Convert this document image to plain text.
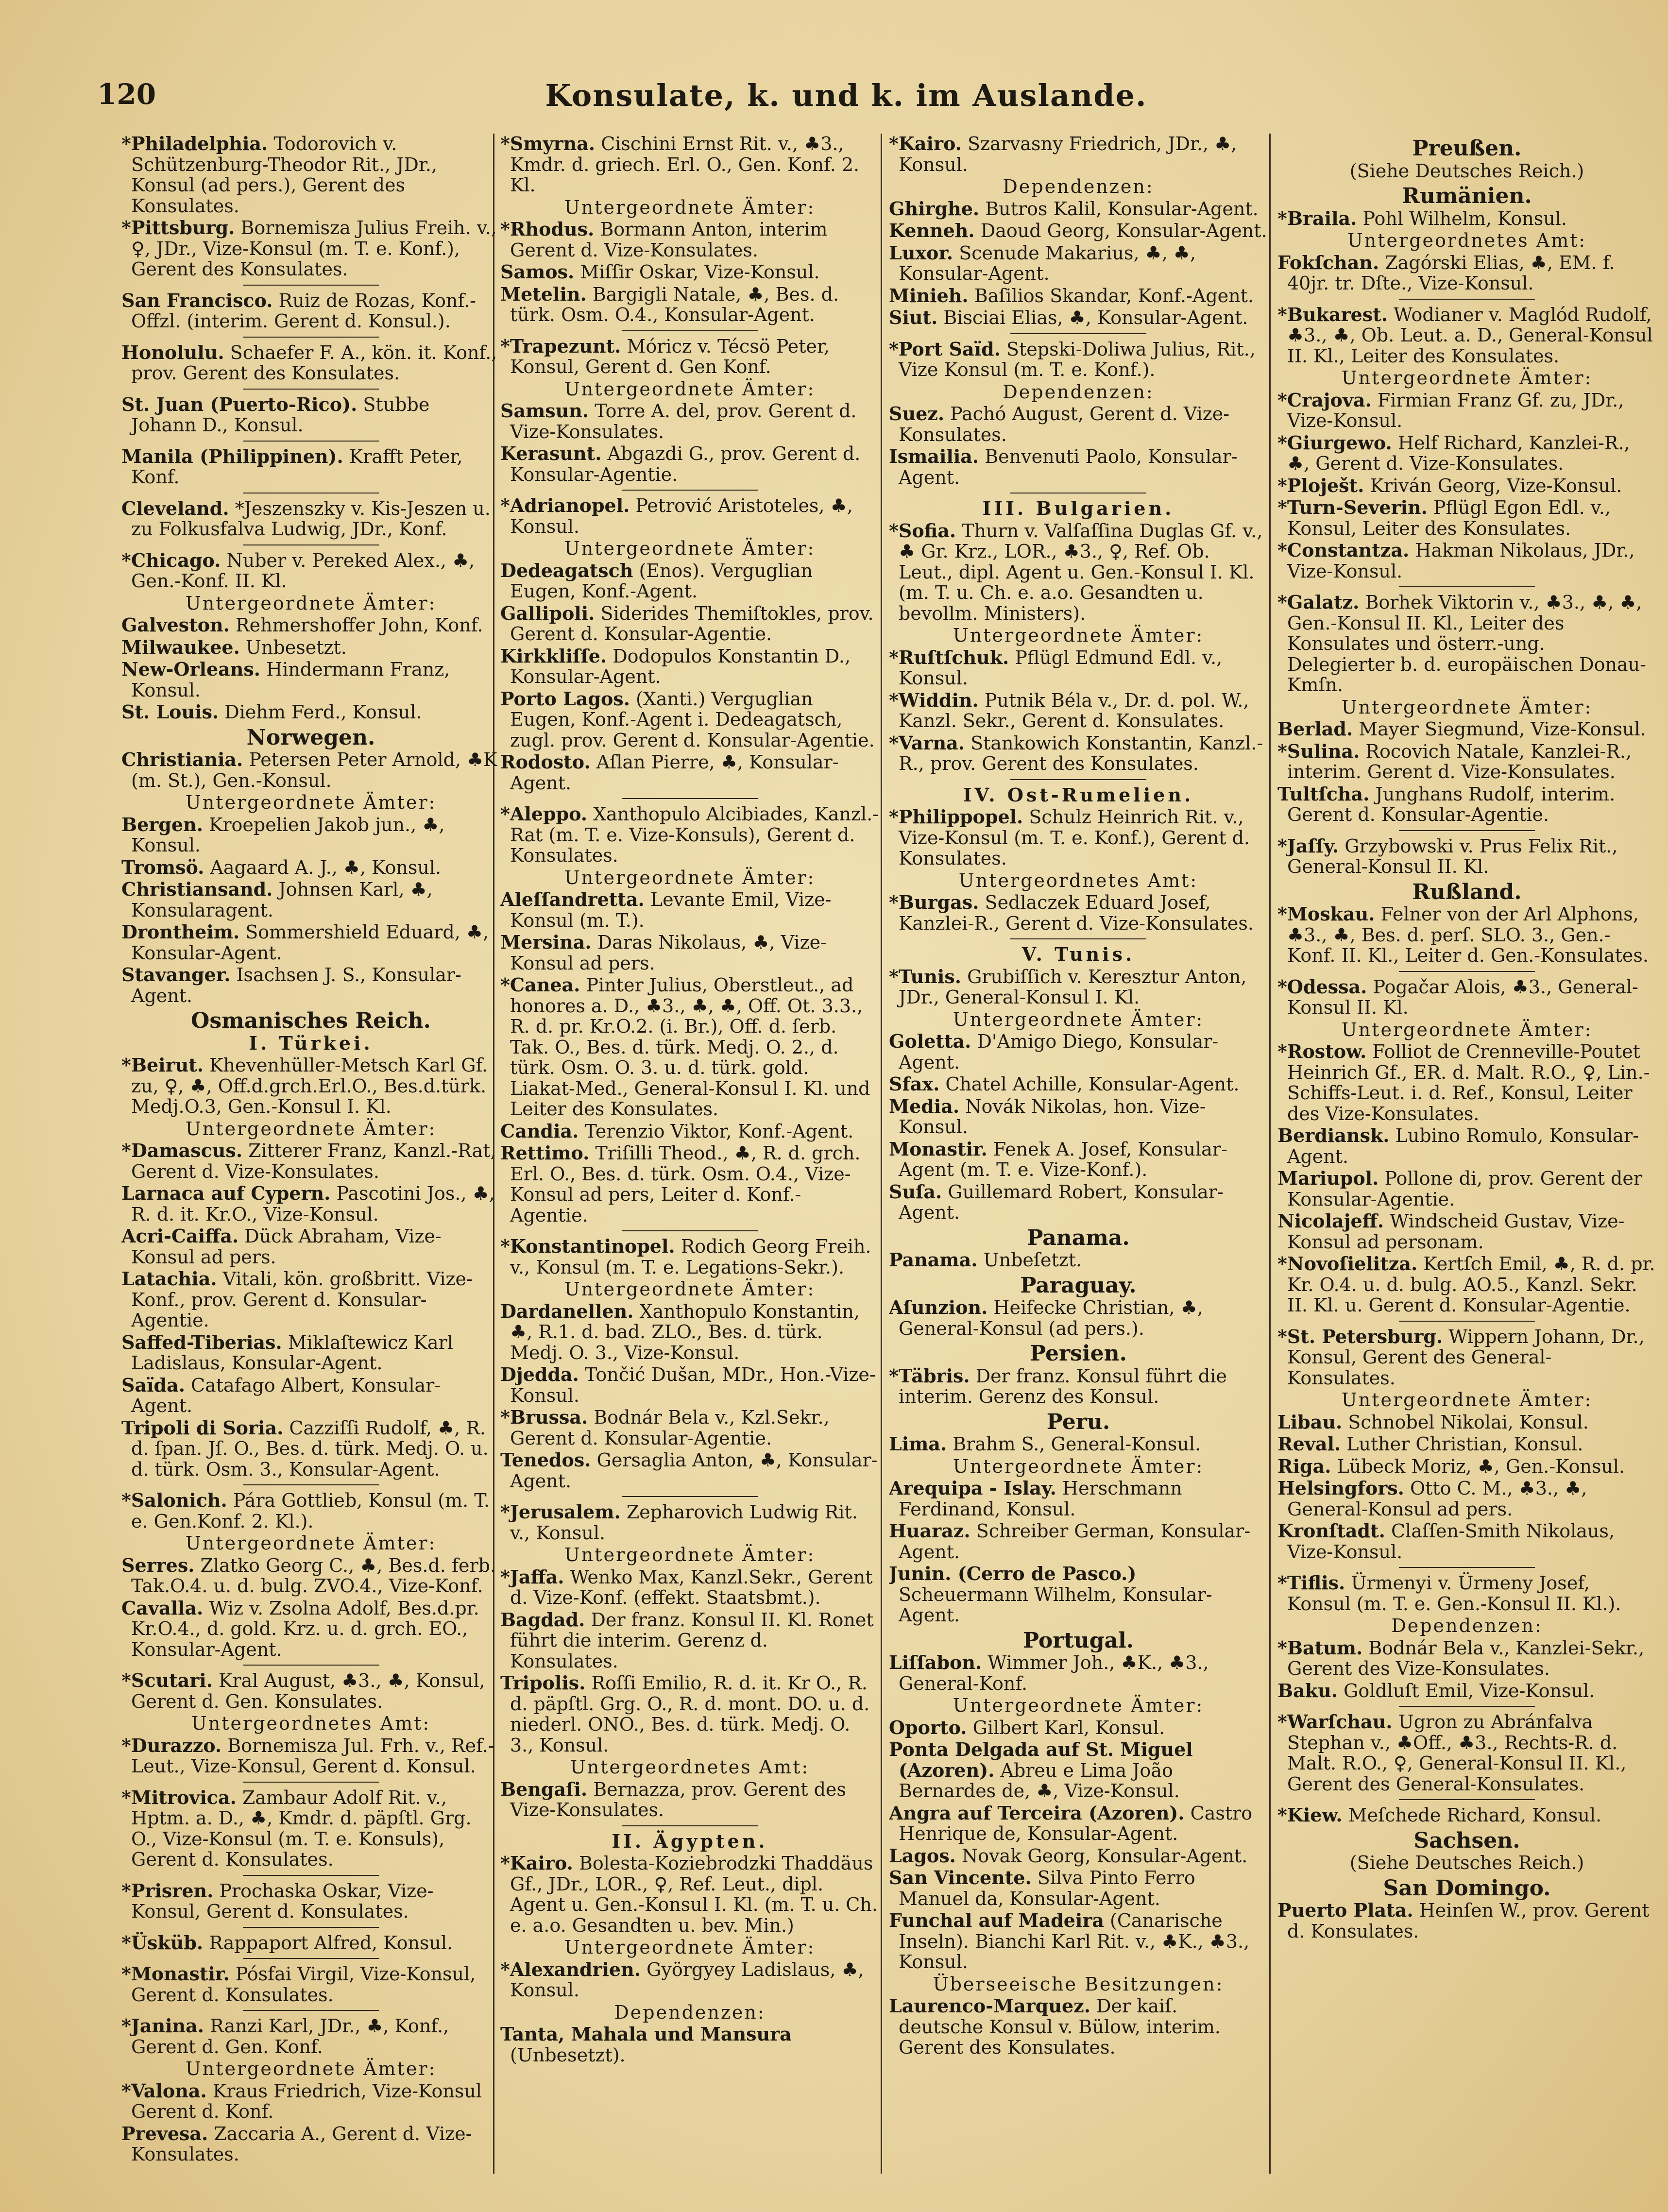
120	Konsulate, k. und k. im Auslande.

*Philadelphia. Todorovich v. Schützenburg-Theodor Rit., JDr., Konsul (ad pers.), Gerent des Konsulates.

*Pittsburg. Bornemisza Julius Freih. v., ♀, JDr., Vize-Konsul (m. T. e. Konf.), Gerent des Konsulates.

San Francisco. Ruiz de Rozas, Konf.-Offzl. (interim. Gerent d. Konsul.).

Honolulu. Schaefer F. A., kön. it. Konf., prov. Gerent des Konsulates.

St. Juan (Puerto-Rico). Stubbe Johann D., Konsul.

Manila (Philippinen). Krafft Peter, Konf.

Cleveland. *Jeszenszky v. Kis-Jeszen u. zu Folkusfalva Ludwig, JDr., Konf.

*Chicago. Nuber v. Pereked Alex., ♣, Gen.-Konf. II. Kl.

Untergeordnete Ämter:

Galveston. Rehmershoffer John, Konf.

Milwaukee. Unbesetzt.

New-Orleans. Hindermann Franz, Konsul.

St. Louis. Diehm Ferd., Konsul.

Norwegen.

Christiania. Petersen Peter Arnold, ♣K (m. St.), Gen.-Konsul.

Untergeordnete Ämter:

Bergen. Kroepelien Jakob jun., ♣, Konsul.

Tromsö. Aagaard A. J., ♣, Konsul.

Christiansand. Johnsen Karl, ♣, Konsularagent.

Drontheim. Sommershield Eduard, ♣, Konsular-Agent.

Stavanger. Isachsen J. S., Konsular-Agent.

Osmanisches Reich.

I. Türkei.

*Beirut. Khevenhüller-Metsch Karl Gf. zu, ♀, ♣, Off.d.grch.Erl.O., Bes.d.türk. Medj.O.3, Gen.-Konsul I. Kl.

Untergeordnete Ämter:

*Damascus. Zitterer Franz, Kanzl.-Rat, Gerent d. Vize-Konsulates.

Larnaca auf Cypern. Pascotini Jos., ♣, R. d. it. Kr.O., Vize-Konsul.

Acri-Caiffa. Dück Abraham, Vize-Konsul ad pers.

Latachia. Vitali, kön. großbritt. Vize-Konf., prov. Gerent d. Konsular-Agentie.

Saffed-Tiberias. Miklaſtewicz Karl Ladislaus, Konsular-Agent.

Saïda. Catafago Albert, Konsular-Agent.

Tripoli di Soria. Cazziſſi Rudolf, ♣, R. d. ſpan. Jſ. O., Bes. d. türk. Medj. O. u. d. türk. Osm. 3., Konsular-Agent.

*Salonich. Pára Gottlieb, Konsul (m. T. e. Gen.Konf. 2. Kl.).

Untergeordnete Ämter:

Serres. Zlatko Georg C., ♣, Bes.d. ferb. Tak.O.4. u. d. bulg. ZVO.4., Vize-Konf.

Cavalla. Wiz v. Zsolna Adolf, Bes.d.pr. Kr.O.4., d. gold. Krz. u. d. grch. EO., Konsular-Agent.

*Scutari. Kral August, ♣3., ♣, Konsul, Gerent d. Gen. Konsulates.

Untergeordnetes Amt:

*Durazzo. Bornemisza Jul. Frh. v., Ref.-Leut., Vize-Konsul, Gerent d. Konsul.

*Mitrovica. Zambaur Adolf Rit. v., Hptm. a. D., ♣, Kmdr. d. päpſtl. Grg. O., Vize-Konsul (m. T. e. Konsuls), Gerent d. Konsulates.

*Prisren. Prochaska Oskar, Vize-Konsul, Gerent d. Konsulates.

*Üsküb. Rappaport Alfred, Konsul.

*Monastir. Pósfai Virgil, Vize-Konsul, Gerent d. Konsulates.

*Janina. Ranzi Karl, JDr., ♣, Konf., Gerent d. Gen. Konf.

Untergeordnete Ämter:

*Valona. Kraus Friedrich, Vize-Konsul Gerent d. Konf.

Prevesa. Zaccaria A., Gerent d. Vize-Konsulates.

*Smyrna. Cischini Ernst Rit. v., ♣3., Kmdr. d. griech. Erl. O., Gen. Konf. 2. Kl.

Untergeordnete Ämter:

*Rhodus. Bormann Anton, interim Gerent d. Vize-Konsulates.

Samos. Miſſir Oskar, Vize-Konsul.

Metelin. Bargigli Natale, ♣, Bes. d. türk. Osm. O.4., Konsular-Agent.

*Trapezunt. Móricz v. Técsö Peter, Konsul, Gerent d. Gen Konf.

Untergeordnete Ämter:

Samsun. Torre A. del, prov. Gerent d. Vize-Konsulates.

Kerasunt. Abgazdi G., prov. Gerent d. Konsular-Agentie.

*Adrianopel. Petrović Aristoteles, ♣, Konsul.

Untergeordnete Ämter:

Dedeagatsch (Enos). Verguglian Eugen, Konf.-Agent.

Gallipoli. Siderides Themiſtokles, prov. Gerent d. Konsular-Agentie.

Kirkkliſſe. Dodopulos Konstantin D., Konsular-Agent.

Porto Lagos. (Xanti.) Verguglian Eugen, Konf.-Agent i. Dedeagatsch, zugl. prov. Gerent d. Konsular-Agentie.

Rodosto. Aſlan Pierre, ♣, Konsular-Agent.

*Aleppo. Xanthopulo Alcibiades, Kanzl.-Rat (m. T. e. Vize-Konsuls), Gerent d. Konsulates.

Untergeordnete Ämter:

Aleſſandretta. Levante Emil, Vize-Konsul (m. T.).

Mersina. Daras Nikolaus, ♣, Vize-Konsul ad pers.

*Canea. Pinter Julius, Oberstleut., ad honores a. D., ♣3., ♣, ♣, Off. Ot. 3.3., R. d. pr. Kr.O.2. (i. Br.), Off. d. ſerb. Tak. O., Bes. d. türk. Medj. O. 2., d. türk. Osm. O. 3. u. d. türk. gold. Liakat-Med., General-Konsul I. Kl. und Leiter des Konsulates.

Candia. Terenzio Viktor, Konf.-Agent.

Rettimo. Triſilli Theod., ♣, R. d. grch. Erl. O., Bes. d. türk. Osm. O.4., Vize-Konsul ad pers, Leiter d. Konf.-Agentie.

*Konstantinopel. Rodich Georg Freih. v., Konsul (m. T. e. Legations-Sekr.).

Untergeordnete Ämter:

Dardanellen. Xanthopulo Konstantin, ♣, R.1. d. bad. ZLO., Bes. d. türk. Medj. O. 3., Vize-Konsul.

Djedda. Tončić Dušan, MDr., Hon.-Vize-Konsul.

*Brussa. Bodnár Bela v., Kzl.Sekr., Gerent d. Konsular-Agentie.

Tenedos. Gersaglia Anton, ♣, Konsular-Agent.

*Jerusalem. Zepharovich Ludwig Rit. v., Konsul.

Untergeordnete Ämter:

*Jaffa. Wenko Max, Kanzl.Sekr., Gerent d. Vize-Konf. (effekt. Staatsbmt.).

Bagdad. Der franz. Konsul II. Kl. Ronet führt die interim. Gerenz d. Konsulates.

Tripolis. Roſſi Emilio, R. d. it. Kr O., R. d. päpſtl. Grg. O., R. d. mont. DO. u. d. niederl. ONO., Bes. d. türk. Medj. O. 3., Konsul.

Untergeordnetes Amt:

Bengaſi. Bernazza, prov. Gerent des Vize-Konsulates.

II. Ägypten.

*Kairo. Bolesta-Koziebrodzki Thaddäus Gf., JDr., LOR., ♀, Ref. Leut., dipl. Agent u. Gen.-Konsul I. Kl. (m. T. u. Ch. e. a.o. Gesandten u. bev. Min.)

Untergeordnete Ämter:

*Alexandrien. Györgyey Ladislaus, ♣, Konsul.

Dependenzen:

Tanta, Mahala und Mansura (Unbesetzt).

*Kairo. Szarvasny Friedrich, JDr., ♣, Konsul.

Dependenzen:

Ghirghe. Butros Kalil, Konsular-Agent.

Kenneh. Daoud Georg, Konsular-Agent.

Luxor. Scenude Makarius, ♣, ♣, Konsular-Agent.

Minieh. Baſilios Skandar, Konf.-Agent.

Siut. Bisciai Elias, ♣, Konsular-Agent.

*Port Saïd. Stepski-Doliwa Julius, Rit., Vize Konsul (m. T. e. Konf.).

Dependenzen:

Suez. Pachó August, Gerent d. Vize-Konsulates.

Ismailia. Benvenuti Paolo, Konsular-Agent.

III. Bulgarien.

*Sofia. Thurn v. Valſaſſina Duglas Gf. v., ♣ Gr. Krz., LOR., ♣3., ♀, Ref. Ob. Leut., dipl. Agent u. Gen.-Konsul I. Kl. (m. T. u. Ch. e. a.o. Gesandten u. bevollm. Ministers).

Untergeordnete Ämter:

*Ruſtſchuk. Pflügl Edmund Edl. v., Konsul.

*Widdin. Putnik Béla v., Dr. d. pol. W., Kanzl. Sekr., Gerent d. Konsulates.

*Varna. Stankowich Konstantin, Kanzl.-R., prov. Gerent des Konsulates.

IV. Ost-Rumelien.

*Philippopel. Schulz Heinrich Rit. v., Vize-Konsul (m. T. e. Konf.), Gerent d. Konsulates.

Untergeordnetes Amt:

*Burgas. Sedlaczek Eduard Josef, Kanzlei-R., Gerent d. Vize-Konsulates.

V. Tunis.

*Tunis. Grubiſſich v. Keresztur Anton, JDr., General-Konsul I. Kl.

Untergeordnete Ämter:

Goletta. D'Amigo Diego, Konsular-Agent.

Sfax. Chatel Achille, Konsular-Agent.

Media. Novák Nikolas, hon. Vize-Konsul.

Monastir. Fenek A. Josef, Konsular-Agent (m. T. e. Vize-Konf.).

Suſa. Guillemard Robert, Konsular-Agent.

Panama.

Panama. Unbeſetzt.

Paraguay.

Aſunzion. Heifecke Christian, ♣, General-Konsul (ad pers.).

Persien.

*Täbris. Der franz. Konsul führt die interim. Gerenz des Konsul.

Peru.

Lima. Brahm S., General-Konsul.

Untergeordnete Ämter:

Arequipa - Islay. Herschmann Ferdinand, Konsul.

Huaraz. Schreiber German, Konsular-Agent.

Junin. (Cerro de Pasco.) Scheuermann Wilhelm, Konsular-Agent.

Portugal.

Liſſabon. Wimmer Joh., ♣K., ♣3., General-Konf.

Untergeordnete Ämter:

Oporto. Gilbert Karl, Konsul.

Ponta Delgada auf St. Miguel (Azoren). Abreu e Lima João Bernardes de, ♣, Vize-Konsul.

Angra auf Terceira (Azoren). Castro Henrique de, Konsular-Agent.

Lagos. Novak Georg, Konsular-Agent.

San Vincente. Silva Pinto Ferro Manuel da, Konsular-Agent.

Funchal auf Madeira (Canarische Inseln). Bianchi Karl Rit. v., ♣K., ♣3., Konsul.

Überseeische Besitzungen:

Laurenco-Marquez. Der kaiſ. deutsche Konsul v. Bülow, interim. Gerent des Konsulates.

Preußen.

(Siehe Deutsches Reich.)

Rumänien.

*Braila. Pohl Wilhelm, Konsul.

Untergeordnetes Amt:

Fokſchan. Zagórski Elias, ♣, EM. f. 40jr. tr. Dſte., Vize-Konsul.

*Bukarest. Wodianer v. Maglód Rudolf, ♣3., ♣, Ob. Leut. a. D., General-Konsul II. Kl., Leiter des Konsulates.

Untergeordnete Ämter:

*Crajova. Firmian Franz Gf. zu, JDr., Vize-Konsul.

*Giurgewo. Helf Richard, Kanzlei-R., ♣, Gerent d. Vize-Konsulates.

*Ploješt. Kriván Georg, Vize-Konsul.

*Turn-Severin. Pflügl Egon Edl. v., Konsul, Leiter des Konsulates.

*Constantza. Hakman Nikolaus, JDr., Vize-Konsul.

*Galatz. Borhek Viktorin v., ♣3., ♣, ♣, Gen.-Konsul II. Kl., Leiter des Konsulates und österr.-ung. Delegierter b. d. europäischen Donau-Kmſn.

Untergeordnete Ämter:

Berlad. Mayer Siegmund, Vize-Konsul.

*Sulina. Rocovich Natale, Kanzlei-R., interim. Gerent d. Vize-Konsulates.

Tultſcha. Junghans Rudolf, interim. Gerent d. Konsular-Agentie.

*Jaſſy. Grzybowski v. Prus Felix Rit., General-Konsul II. Kl.

Rußland.

*Moskau. Felner von der Arl Alphons, ♣3., ♣, Bes. d. perſ. SLO. 3., Gen.-Konf. II. Kl., Leiter d. Gen.-Konsulates.

*Odessa. Pogačar Alois, ♣3., General-Konsul II. Kl.

Untergeordnete Ämter:

*Rostow. Folliot de Crenneville-Poutet Heinrich Gf., ER. d. Malt. R.O., ♀, Lin.-Schiffs-Leut. i. d. Ref., Konsul, Leiter des Vize-Konsulates.

Berdiansk. Lubino Romulo, Konsular-Agent.

Mariupol. Pollone di, prov. Gerent der Konsular-Agentie.

Nicolajeff. Windscheid Gustav, Vize-Konsul ad personam.

*Novoſielitza. Kertſch Emil, ♣, R. d. pr. Kr. O.4. u. d. bulg. AO.5., Kanzl. Sekr. II. Kl. u. Gerent d. Konsular-Agentie.

*St. Petersburg. Wippern Johann, Dr., Konsul, Gerent des General-Konsulates.

Untergeordnete Ämter:

Libau. Schnobel Nikolai, Konsul.

Reval. Luther Christian, Konsul.

Riga. Lübeck Moriz, ♣, Gen.-Konsul.

Helsingfors. Otto C. M., ♣3., ♣, General-Konsul ad pers.

Kronſtadt. Claſſen-Smith Nikolaus, Vize-Konsul.

*Tiflis. Ürmenyi v. Ürmeny Josef, Konsul (m. T. e. Gen.-Konsul II. Kl.).

Dependenzen:

*Batum. Bodnár Bela v., Kanzlei-Sekr., Gerent des Vize-Konsulates.

Baku. Goldluſt Emil, Vize-Konsul.

*Warſchau. Ugron zu Abránfalva Stephan v., ♣Off., ♣3., Rechts-R. d. Malt. R.O., ♀, General-Konsul II. Kl., Gerent des General-Konsulates.

*Kiew. Meſchede Richard, Konsul.

Sachsen.

(Siehe Deutsches Reich.)

San Domingo.

Puerto Plata. Heinſen W., prov. Gerent d. Konsulates.
